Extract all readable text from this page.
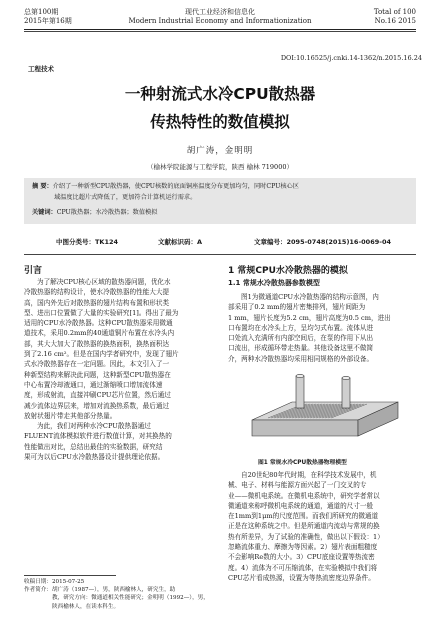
总第100期
2015年第16期
现代工业经济和信息化
Modern Industrial Economy and Informationization
Total of 100
No.16 2015
DOI:10.16525/j.cnki.14-1362/n.2015.16.24
工程技术
一种射流式水冷CPU散热器
传热特性的数值模拟
胡广涛，金明明
（榆林学院能源与工程学院，陕西 榆林 719000）
摘 要：介绍了一种新型CPU散热器，使CPU核数的底面铜座温度分布更加均匀，同时CPU核心区
域温度比超片式降低了，更加符合计算机运行需求。
关键词：CPU散热器；水冷散热器；数值模拟
中图分类号：TK124	文献标识码：A	文章编号：2095-0748(2015)16-0069-04
引言
为了解决CPU核心区域的散热器问题，优化水
冷散热器的结构设计，使水冷散热器的性能大大提
高，国内外先后对散热器的翅片结构布置和形状类
型、进出口位置做了大量的实验研究[1]。得出了最为
适用的CPU水冷散热器。这种CPU散热器采用微通
道技术，采用0.2mm的40通道铜片布置在水冷头内
部，其大大加大了散热器的换热面积，换热面积达
到了2.16 cm²。但是在国内学者研究中，发现了翅片
式水冷散热器存在一定问题。因此，本文引入了一
种新型结构来解决此问题，这种新型CPU散热器在
中心布置冷却液通口，通过渐缩喷口增加流体速
度，形成射流，直接冲刷CPU芯片位置，然后通过
减少流体边界层来，增加对流换热系数，最后通过
放射状翅片带走其他部分热量。
为此，我们对两种水冷CPU散热器通过
FLUENT流体模拟软件进行数值计算，对其换热的
性能做出对比，总结出最佳的实验数据，研究结
果可为以后CPU水冷散热器设计提供理论依据。
收稿日期：2015-07-25
作者简介：胡广涛（1987—），男，陕西榆林人，研究生，助
教，研究方向：微通道相关性能研究；金明明（1992—），男，
陕西榆林人，在读本科生。
1 常规CPU水冷散热器的模拟
1.1 常规水冷散热器参数模型
图1为微通道CPU水冷散热器的结构示意图，内
部采用了0.2 mm的翅片密集排列，翅片间距为
1 mm，翅片长度为5.2 cm，翅片高度为0.5 cm，进出
口布置均在水冷头上方，呈均匀式布置。流体从进
口处流入充满所有内部空间后，在泵的作用下从出
口流出，形成循环带走热量。其他设备这里不做简
介，两种水冷散热器均采用相同规格的外部设备。
图1 常规水冷CPU散热器物理模型
自20世纪80年代时期，在科学技术发展中，机
械、电子、材料与能源方面兴起了一门交叉的专
业——微机电系统。在微机电系统中，研究学者常以
微通道来称呼微机电系统的通道，通道的尺寸一般
在1mm到1μm的尺度范围。而我们所研究的微通道
正是在这种系统之中。但是所通道内流动与常规的换
热有所差异，为了试验的准确性，做出以下假设：1）
忽略流体重力、摩擦为等因素。2）翅片表面粗糙度
不会影响Re数的大小。3）CPU底座设置等热流密
度。4）流体为不可压缩流体，在实验模拟中我们将
CPU芯片看成热源，设置为等热流密度边界条件。
